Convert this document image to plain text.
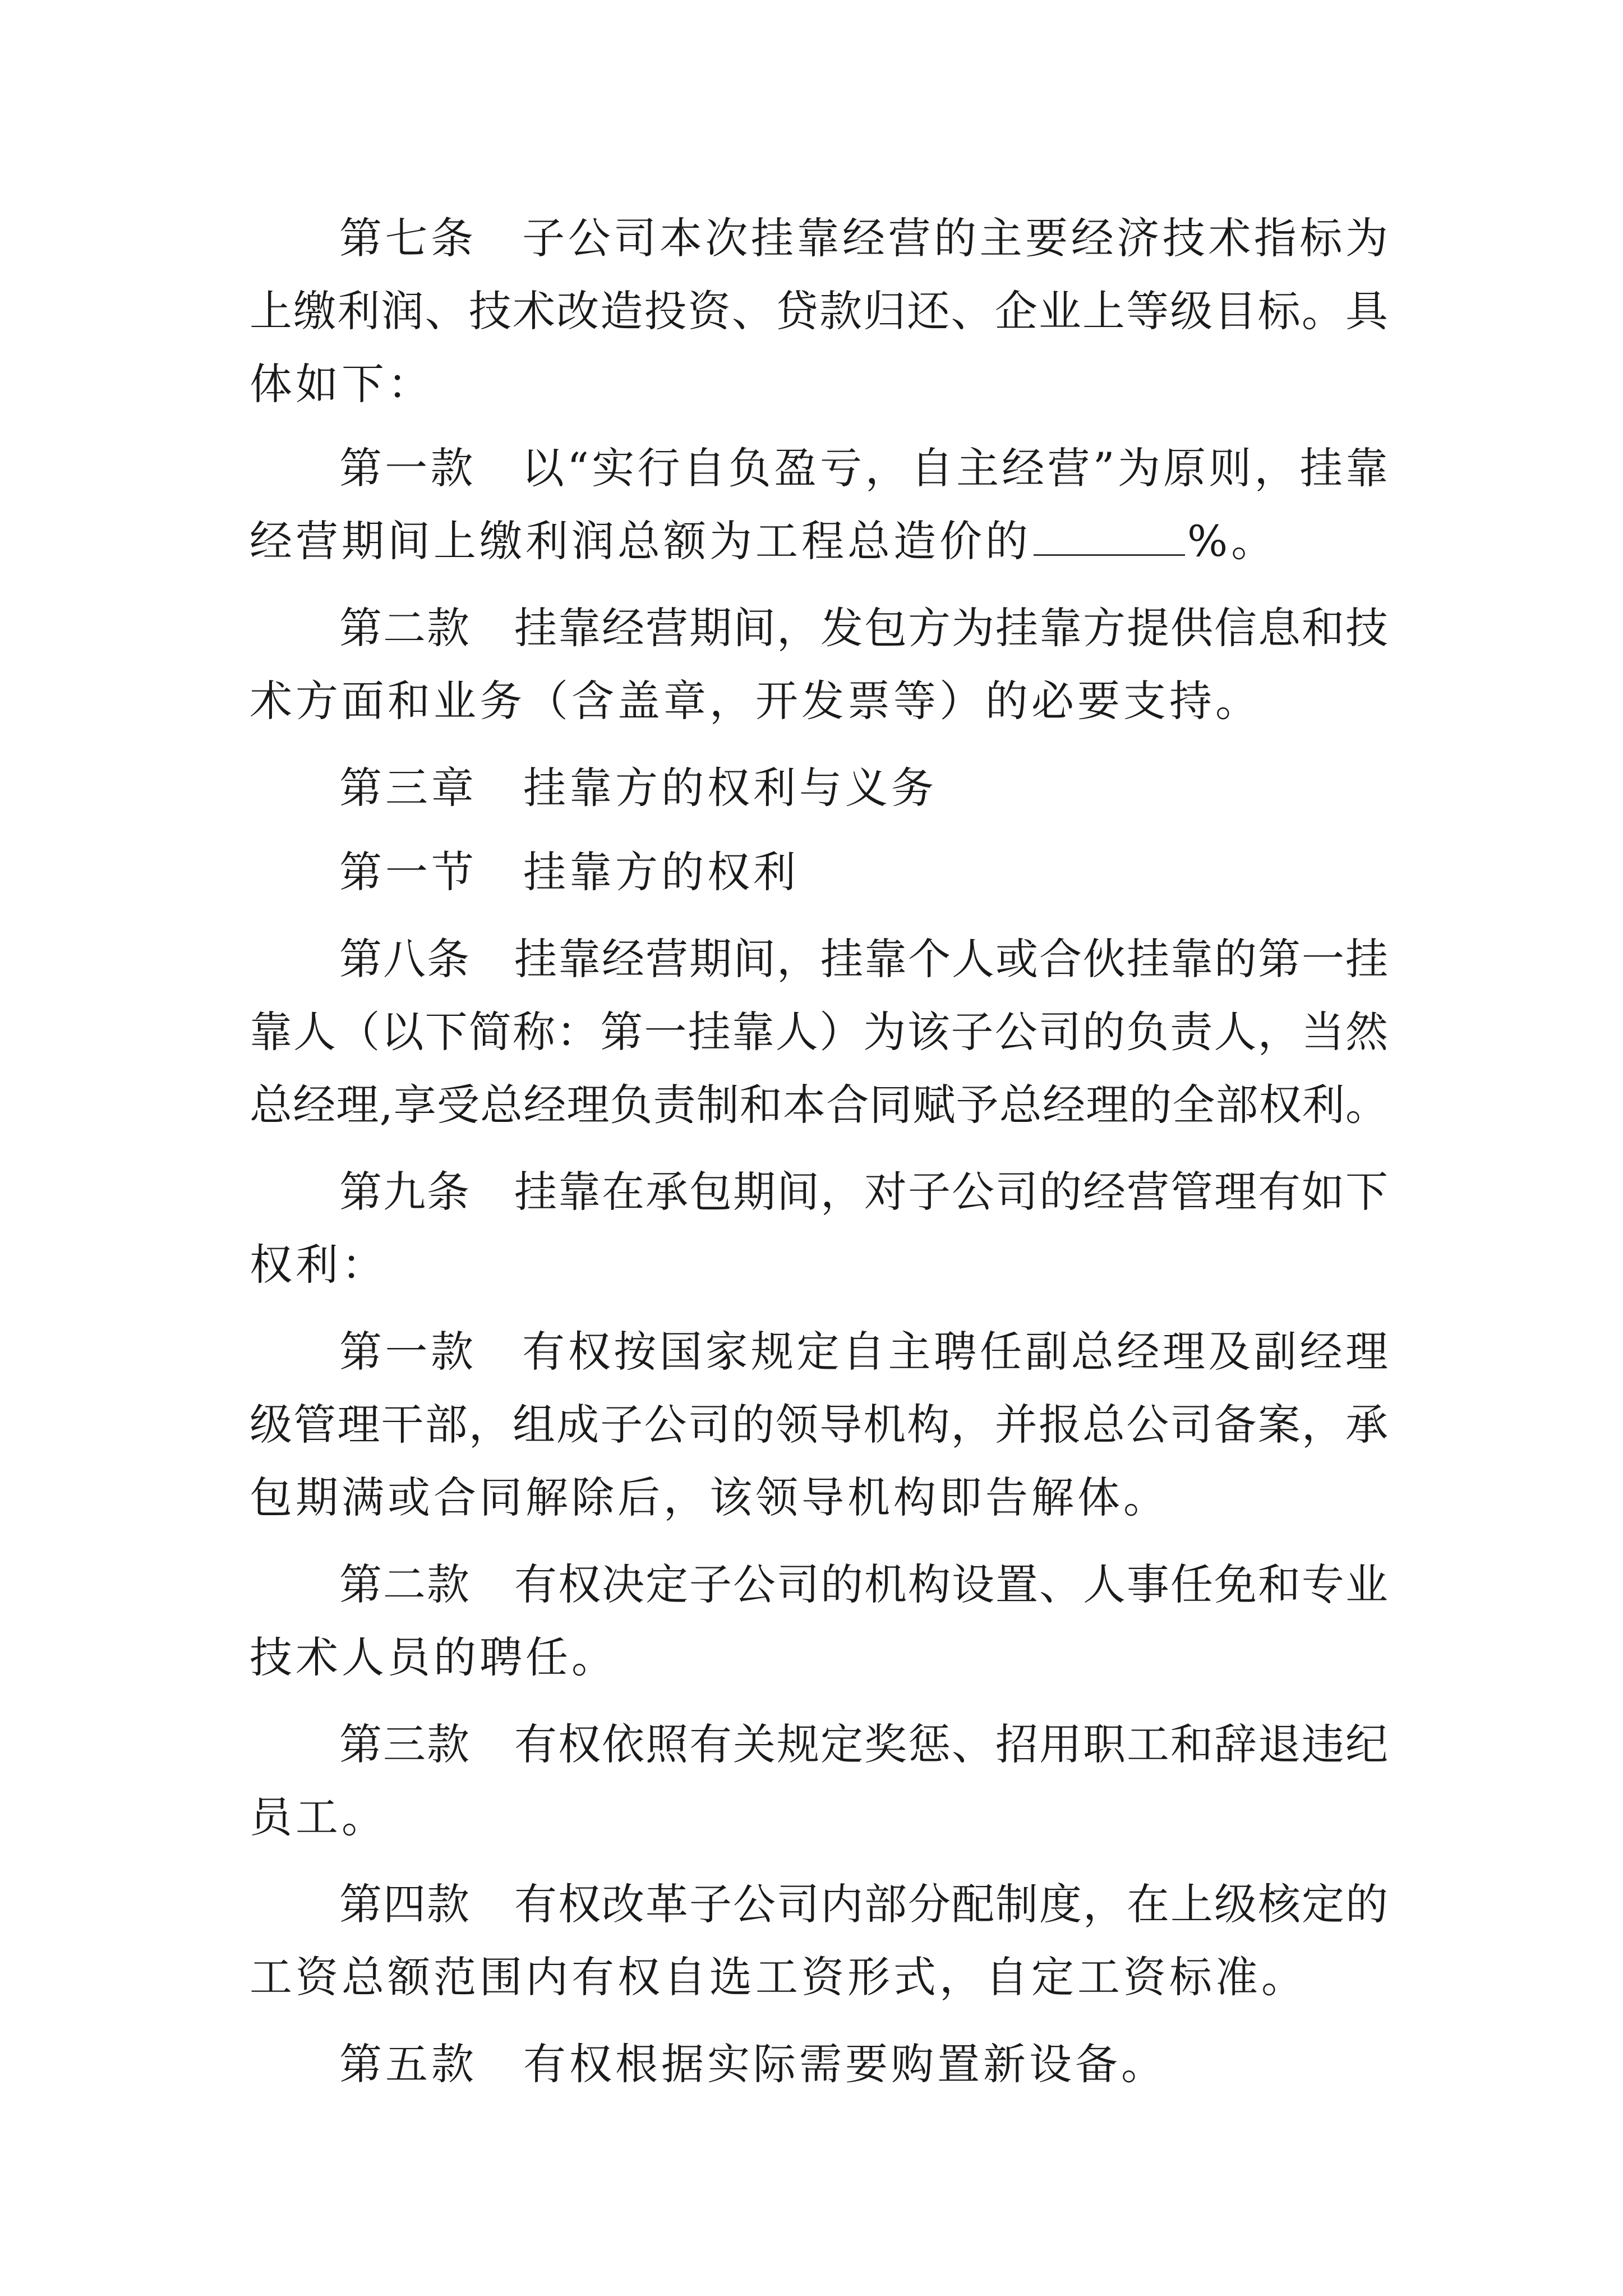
第七条　子公司本次挂靠经营的主要经济技术指标为

上缴利润、技术改造投资、贷款归还、企业上等级目标。具

体如下：

第一款　以“实行自负盈亏，自主经营”为原则，挂靠

经营期间上缴利润总额为工程总造价的	%。

第二款　挂靠经营期间，发包方为挂靠方提供信息和技

术方面和业务（含盖章，开发票等）的必要支持。

第三章　挂靠方的权利与义务

第一节　挂靠方的权利

第八条　挂靠经营期间，挂靠个人或合伙挂靠的第一挂

靠人（以下简称：第一挂靠人）为该子公司的负责人，当然

总经理,享受总经理负责制和本合同赋予总经理的全部权利。

第九条　挂靠在承包期间，对子公司的经营管理有如下

权利：

第一款　有权按国家规定自主聘任副总经理及副经理

级管理干部，组成子公司的领导机构，并报总公司备案，承

包期满或合同解除后，该领导机构即告解体。

第二款　有权决定子公司的机构设置、人事任免和专业

技术人员的聘任。

第三款　有权依照有关规定奖惩、招用职工和辞退违纪

员工。

第四款　有权改革子公司内部分配制度，在上级核定的

工资总额范围内有权自选工资形式，自定工资标准。

第五款　有权根据实际需要购置新设备。
